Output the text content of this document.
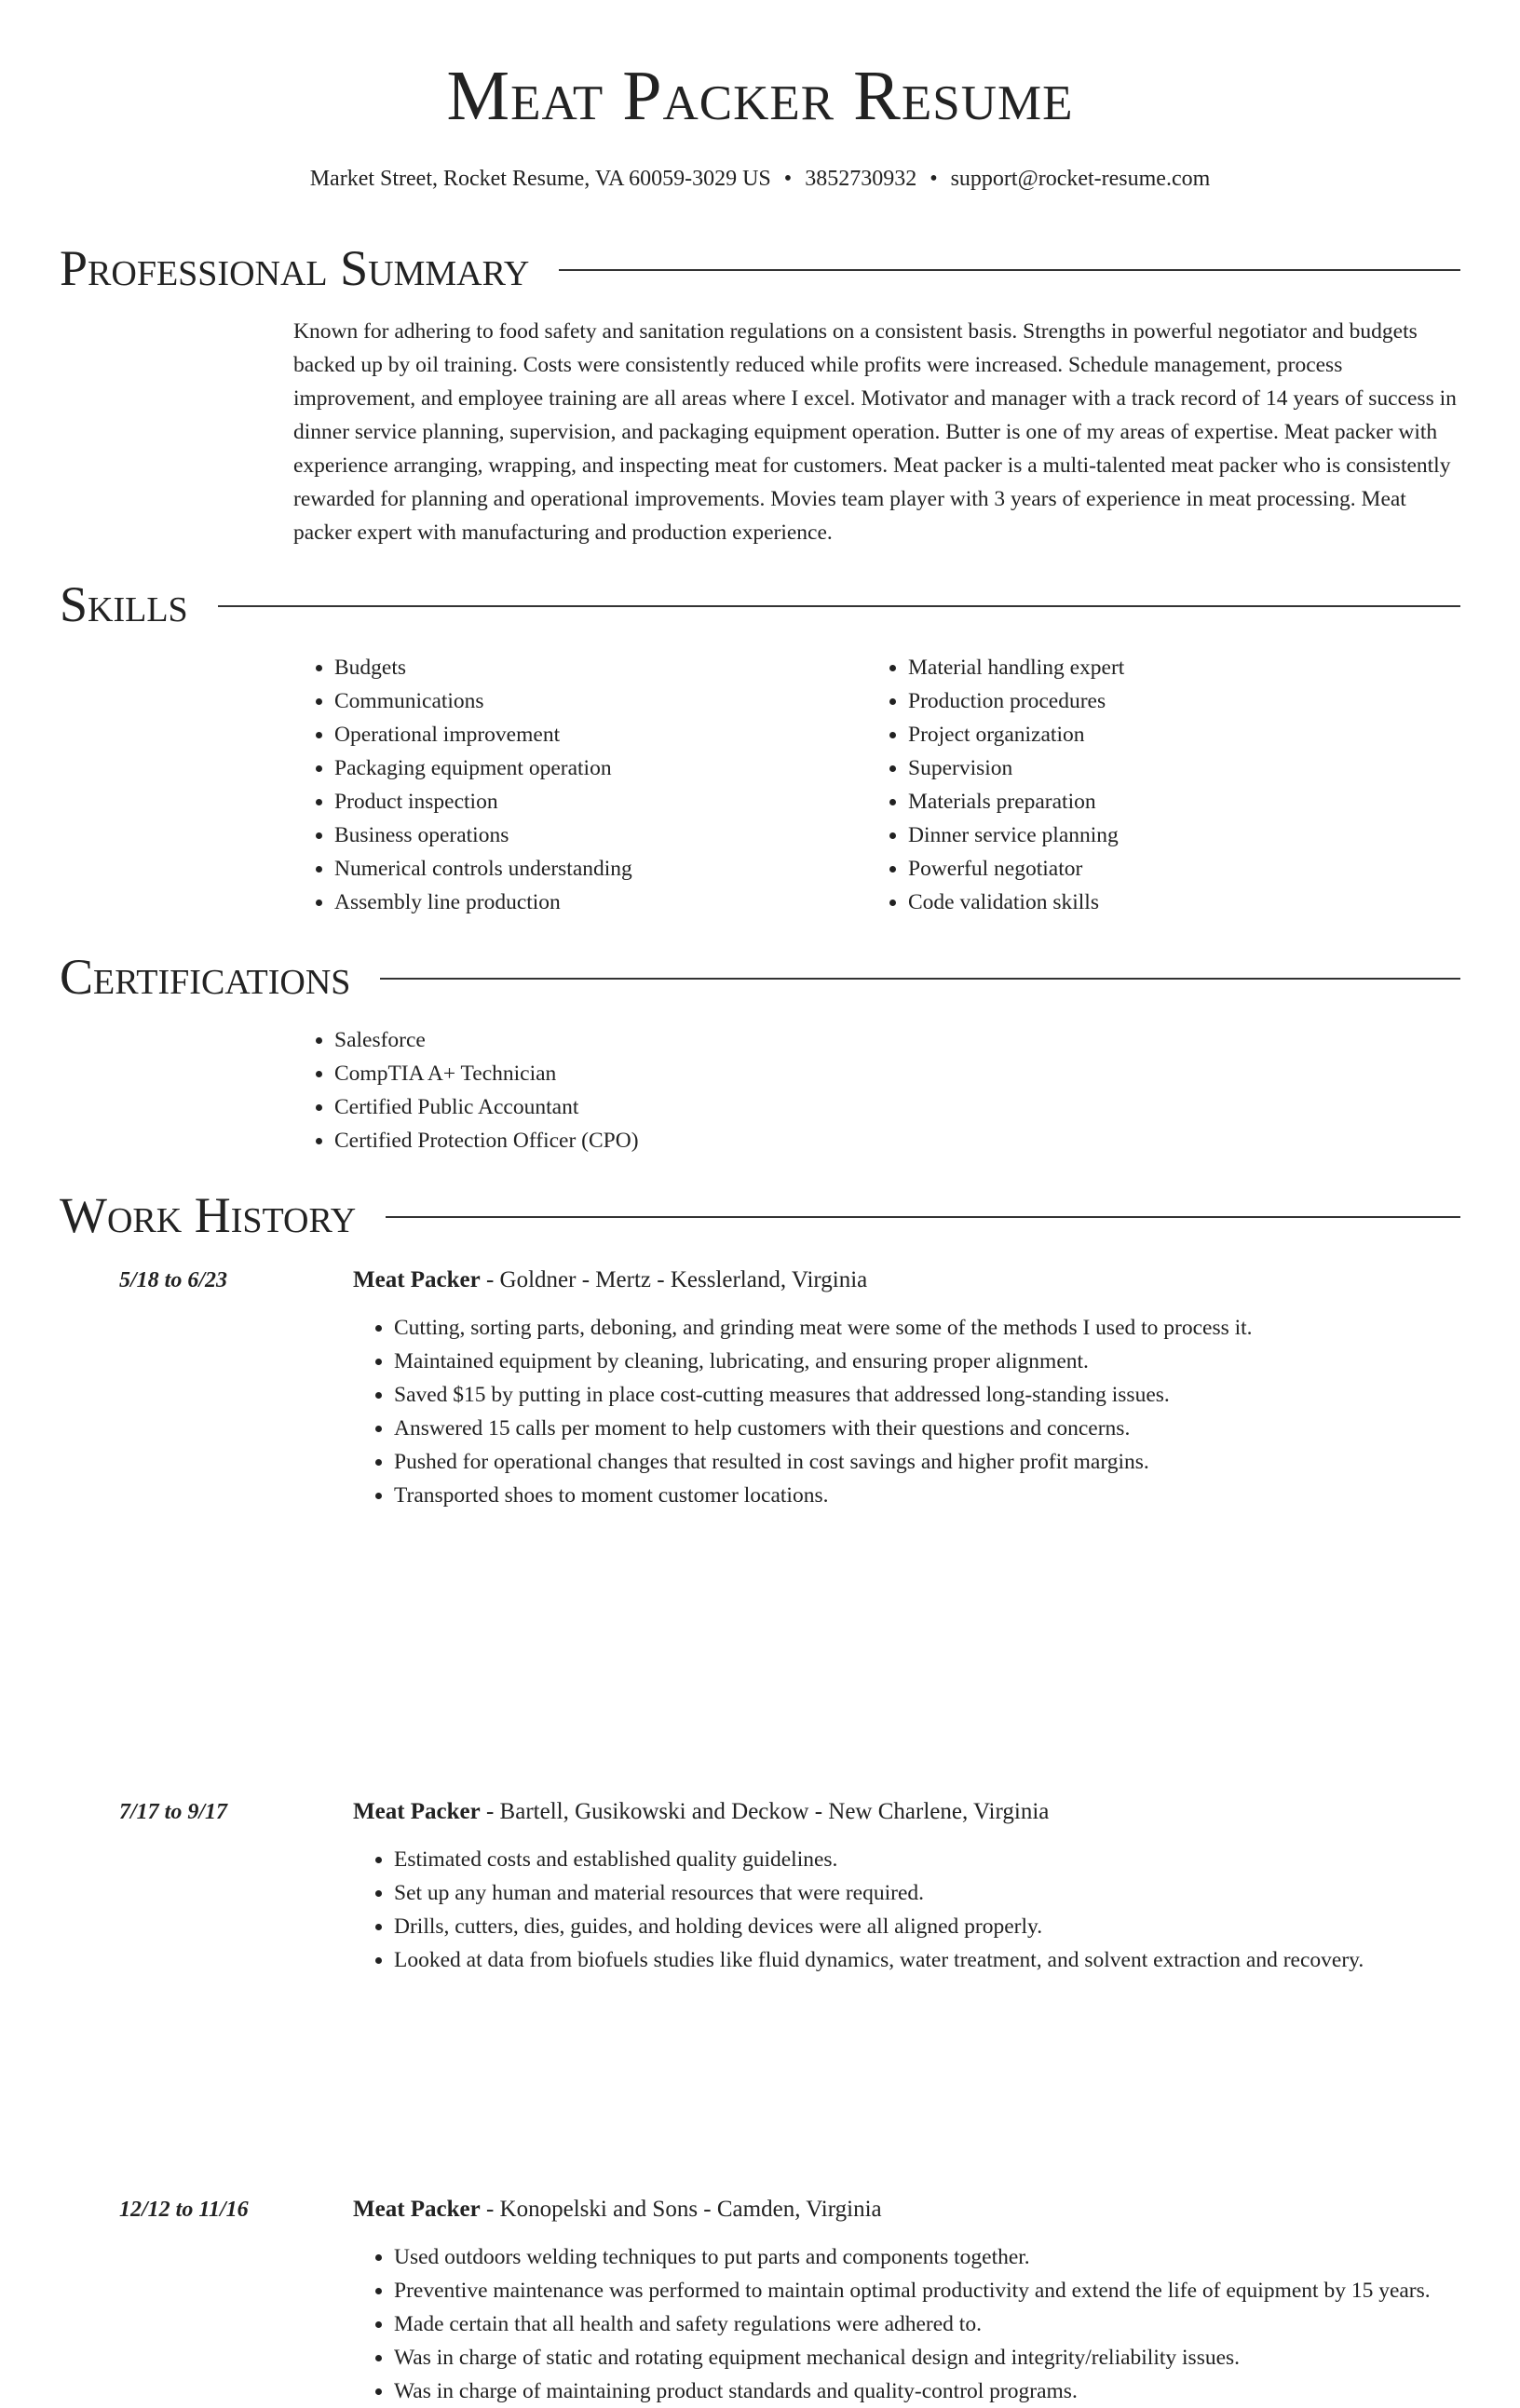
Meat Packer Resume
Market Street, Rocket Resume, VA 60059-3029 US • 3852730932 • support@rocket-resume.com
Professional Summary

Known for adhering to food safety and sanitation regulations on a consistent basis. Strengths in powerful negotiator and budgets backed up by oil training. Costs were consistently reduced while profits were increased. Schedule management, process improvement, and employee training are all areas where I excel. Motivator and manager with a track record of 14 years of success in dinner service planning, supervision, and packaging equipment operation. Butter is one of my areas of expertise. Meat packer with experience arranging, wrapping, and inspecting meat for customers. Meat packer is a multi-talented meat packer who is consistently rewarded for planning and operational improvements. Movies team player with 3 years of experience in meat processing. Meat packer expert with manufacturing and production experience.

Skills
• Budgets
• Communications
• Operational improvement
• Packaging equipment operation
• Product inspection
• Business operations
• Numerical controls understanding
• Assembly line production
• Material handling expert
• Production procedures
• Project organization
• Supervision
• Materials preparation
• Dinner service planning
• Powerful negotiator
• Code validation skills
Certifications
• Salesforce
• CompTIA A+ Technician
• Certified Public Accountant
• Certified Protection Officer (CPO)
Work History
5/18 to 6/23	Meat Packer - Goldner - Mertz - Kesslerland, Virginia
• Cutting, sorting parts, deboning, and grinding meat were some of the methods I used to process it.
• Maintained equipment by cleaning, lubricating, and ensuring proper alignment.
• Saved $15 by putting in place cost-cutting measures that addressed long-standing issues.
• Answered 15 calls per moment to help customers with their questions and concerns.
• Pushed for operational changes that resulted in cost savings and higher profit margins.
• Transported shoes to moment customer locations.
7/17 to 9/17	Meat Packer - Bartell, Gusikowski and Deckow - New Charlene, Virginia
• Estimated costs and established quality guidelines.
• Set up any human and material resources that were required.
• Drills, cutters, dies, guides, and holding devices were all aligned properly.
• Looked at data from biofuels studies like fluid dynamics, water treatment, and solvent extraction and recovery.
12/12 to 11/16	Meat Packer - Konopelski and Sons - Camden, Virginia
• Used outdoors welding techniques to put parts and components together.
• Preventive maintenance was performed to maintain optimal productivity and extend the life of equipment by 15 years.
• Made certain that all health and safety regulations were adhered to.
• Was in charge of static and rotating equipment mechanical design and integrity/reliability issues.
• Was in charge of maintaining product standards and quality-control programs.
